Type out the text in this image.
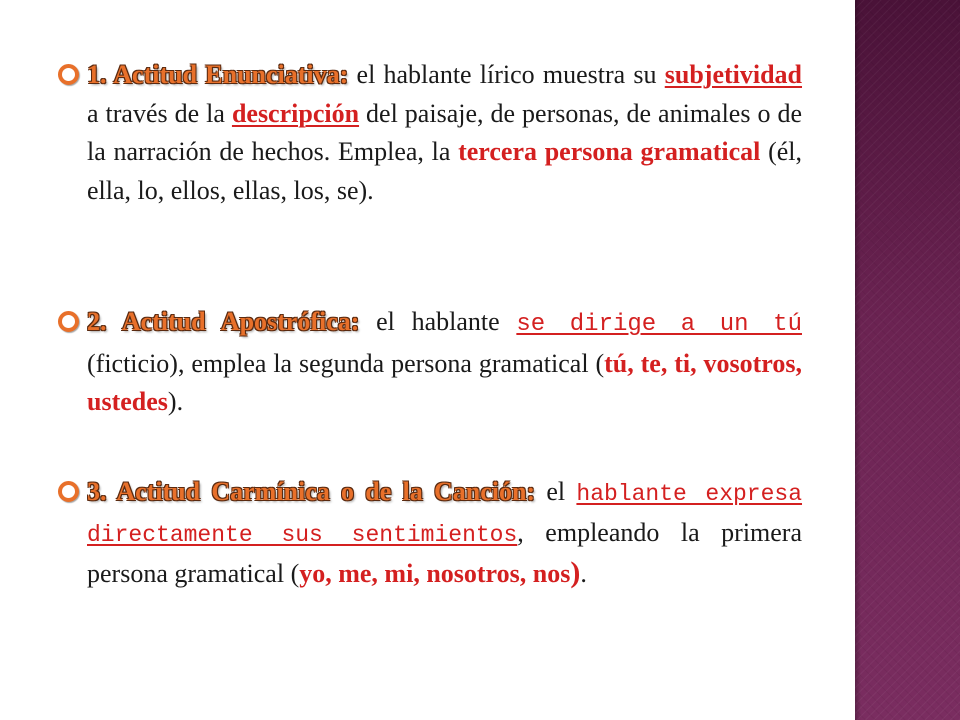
1. Actitud Enunciativa: el hablante lírico muestra su subjetividad a través de la descripción del paisaje, de personas, de animales o de la narración de hechos. Emplea, la tercera persona gramatical (él, ella, lo, ellos, ellas, los, se).
2. Actitud Apostrófica: el hablante se dirige a un tú (ficticio), emplea la segunda persona gramatical (tú, te, ti, vosotros, ustedes).
3. Actitud Carmínica o de la Canción: el hablante expresa directamente sus sentimientos, empleando la primera persona gramatical (yo, me, mi, nosotros, nos).
